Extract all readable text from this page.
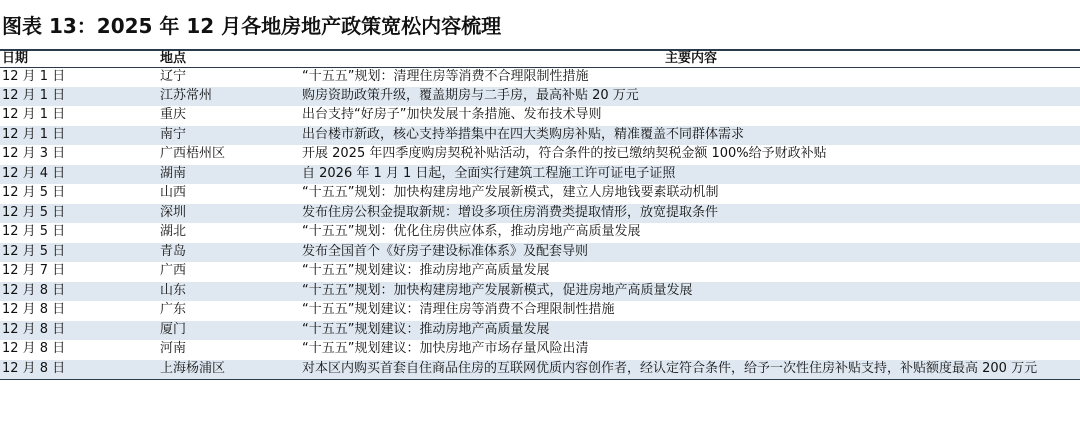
图表 13：2025 年 12 月各地房地产政策宽松内容梳理
日期	地点	主要内容
12 月 1 日	辽宁	“十五五”规划：清理住房等消费不合理限制性措施
12 月 1 日	江苏常州	购房资助政策升级，覆盖期房与二手房，最高补贴 20 万元
12 月 1 日	重庆	出台支持“好房子”加快发展十条措施、发布技术导则
12 月 1 日	南宁	出台楼市新政，核心支持举措集中在四大类购房补贴，精准覆盖不同群体需求
12 月 3 日	广西梧州区	开展 2025 年四季度购房契税补贴活动，符合条件的按已缴纳契税金额 100%给予财政补贴
12 月 4 日	湖南	自 2026 年 1 月 1 日起，全面实行建筑工程施工许可证电子证照
12 月 5 日	山西	“十五五”规划：加快构建房地产发展新模式，建立人房地钱要素联动机制
12 月 5 日	深圳	发布住房公积金提取新规：增设多项住房消费类提取情形，放宽提取条件
12 月 5 日	湖北	“十五五”规划：优化住房供应体系，推动房地产高质量发展
12 月 5 日	青岛	发布全国首个《好房子建设标准体系》及配套导则
12 月 7 日	广西	“十五五”规划建议：推动房地产高质量发展
12 月 8 日	山东	“十五五”规划：加快构建房地产发展新模式，促进房地产高质量发展
12 月 8 日	广东	“十五五”规划建议：清理住房等消费不合理限制性措施
12 月 8 日	厦门	“十五五”规划建议：推动房地产高质量发展
12 月 8 日	河南	“十五五”规划建议：加快房地产市场存量风险出清
12 月 8 日	上海杨浦区	对本区内购买首套自住商品住房的互联网优质内容创作者，经认定符合条件，给予一次性住房补贴支持，补贴额度最高 200 万元
